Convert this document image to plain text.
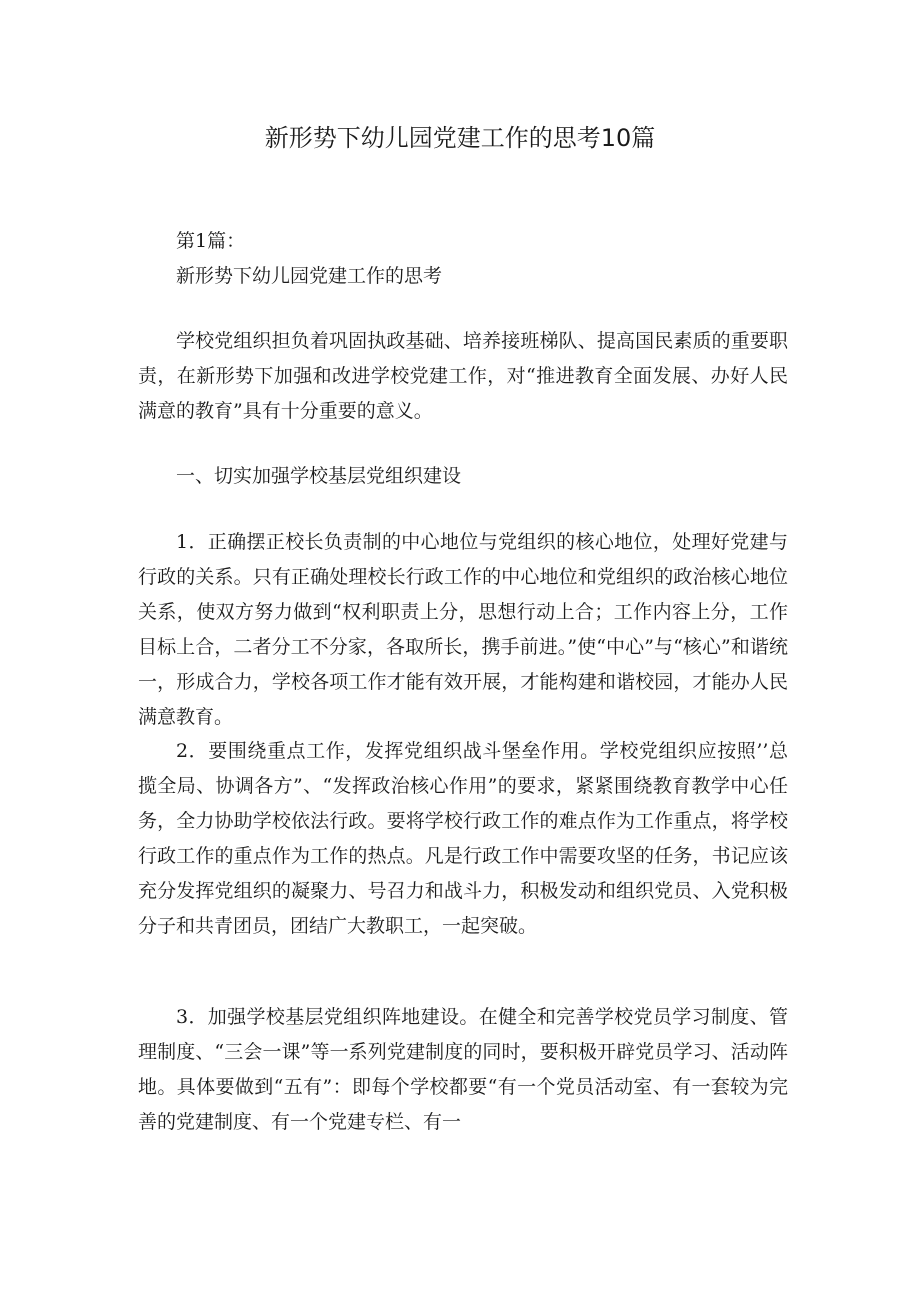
新形势下幼儿园党建工作的思考10篇

第1篇：

新形势下幼儿园党建工作的思考

学校党组织担负着巩固执政基础、培养接班梯队、提高国民素质的重要职责，在新形势下加强和改进学校党建工作，对“推进教育全面发展、办好人民满意的教育”具有十分重要的意义。

一、切实加强学校基层党组织建设

1．正确摆正校长负责制的中心地位与党组织的核心地位，处理好党建与行政的关系。只有正确处理校长行政工作的中心地位和党组织的政治核心地位关系，使双方努力做到“权利职责上分，思想行动上合；工作内容上分，工作目标上合，二者分工不分家，各取所长，携手前进。”使“中心”与“核心”和谐统一，形成合力，学校各项工作才能有效开展，才能构建和谐校园，才能办人民满意教育。

2．要围绕重点工作，发挥党组织战斗堡垒作用。学校党组织应按照’’总揽全局、协调各方”、“发挥政治核心作用”的要求，紧紧围绕教育教学中心任务，全力协助学校依法行政。要将学校行政工作的难点作为工作重点，将学校行政工作的重点作为工作的热点。凡是行政工作中需要攻坚的任务，书记应该充分发挥党组织的凝聚力、号召力和战斗力，积极发动和组织党员、入党积极分子和共青团员，团结广大教职工，一起突破。

3．加强学校基层党组织阵地建设。在健全和完善学校党员学习制度、管理制度、“三会一课”等一系列党建制度的同时，要积极开辟党员学习、活动阵地。具体要做到“五有”：即每个学校都要“有一个党员活动室、有一套较为完善的党建制度、有一个党建专栏、有一
